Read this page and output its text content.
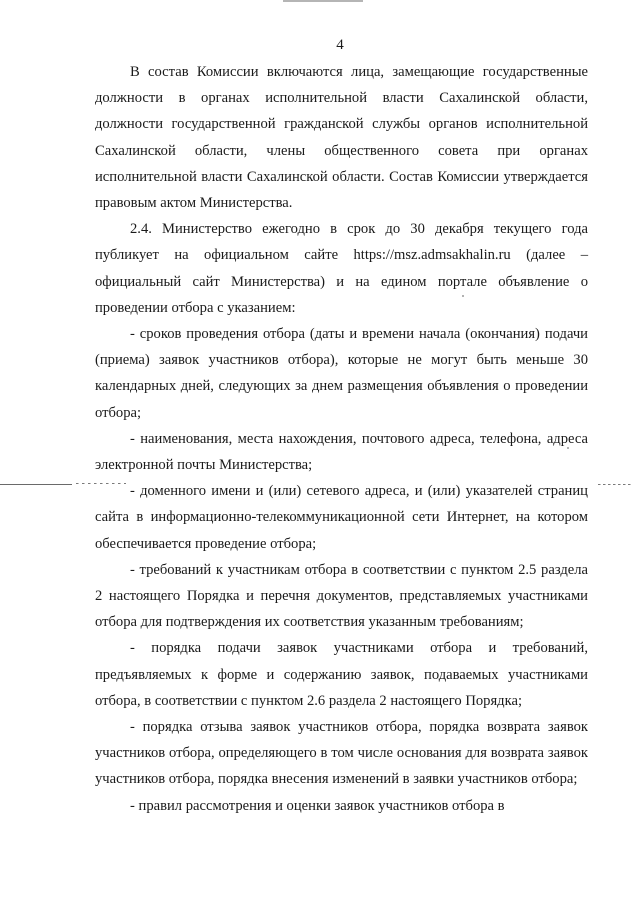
4

В состав Комиссии включаются лица, замещающие государственные должности в органах исполнительной власти Сахалинской области, должности государственной гражданской службы органов исполнительной Сахалинской области, члены общественного совета при органах исполнительной власти Сахалинской области. Состав Комиссии утверждается правовым актом Министерства.

2.4. Министерство ежегодно в срок до 30 декабря текущего года публикует на официальном сайте https://msz.admsakhalin.ru (далее – официальный сайт Министерства) и на едином портале объявление о проведении отбора с указанием:

- сроков проведения отбора (даты и времени начала (окончания) подачи (приема) заявок участников отбора), которые не могут быть меньше 30 календарных дней, следующих за днем размещения объявления о проведении отбора;

- наименования, места нахождения, почтового адреса, телефона, адреса электронной почты Министерства;

- доменного имени и (или) сетевого адреса, и (или) указателей страниц сайта в информационно-телекоммуникационной сети Интернет, на котором обеспечивается проведение отбора;

- требований к участникам отбора в соответствии с пунктом 2.5 раздела 2 настоящего Порядка и перечня документов, представляемых участниками отбора для подтверждения их соответствия указанным требованиям;

- порядка подачи заявок участниками отбора и требований, предъявляемых к форме и содержанию заявок, подаваемых участниками отбора, в соответствии с пунктом 2.6 раздела 2 настоящего Порядка;

- порядка отзыва заявок участников отбора, порядка возврата заявок участников отбора, определяющего в том числе основания для возврата заявок участников отбора, порядка внесения изменений в заявки участников отбора;

- правил рассмотрения и оценки заявок участников отбора в
